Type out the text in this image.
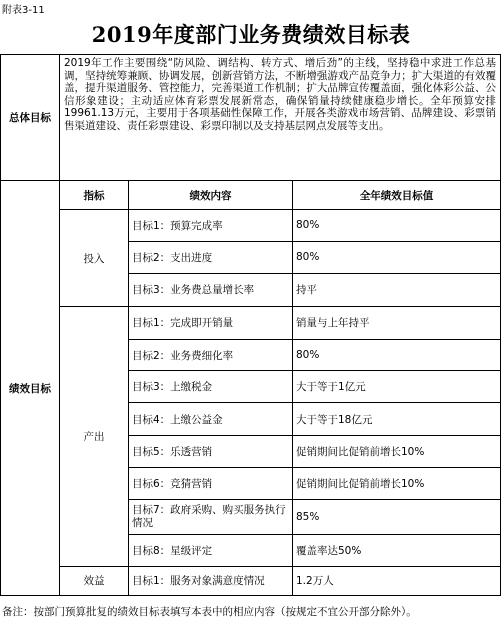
附表3-11
2019年度部门业务费绩效目标表
总体目标	2019年工作主要围绕“防风险、调结构、转方式、增后劲”的主线，坚持稳中求进工作总基调，坚持统筹兼顾、协调发展，创新营销方法，不断增强游戏产品竞争力；扩大渠道的有效覆盖，提升渠道服务、管控能力，完善渠道工作机制；扩大品牌宣传覆盖面，强化体彩公益、公信形象建设；主动适应体育彩票发展新常态，确保销量持续健康稳步增长。全年预算安排19961.13万元，主要用于各项基础性保障工作，开展各类游戏市场营销、品牌建设、彩票销售渠道建设、责任彩票建设、彩票印制以及支持基层网点发展等支出。		
绩效目标	指标	绩效内容	全年绩效目标值
	投入	目标1：预算完成率	80%
		目标2：支出进度	80%
		目标3：业务费总量增长率	持平
	产出	目标1：完成即开销量	销量与上年持平
		目标2：业务费细化率	80%
		目标3：上缴税金	大于等于1亿元
		目标4：上缴公益金	大于等于18亿元
		目标5：乐透营销	促销期间比促销前增长10%
		目标6：竞猜营销	促销期间比促销前增长10%
		目标7：政府采购、购买服务执行情况	85%
		目标8：星级评定	覆盖率达50%
	效益	目标1：服务对象满意度情况	1.2万人
备注：按部门预算批复的绩效目标表填写本表中的相应内容（按规定不宜公开部分除外）。
